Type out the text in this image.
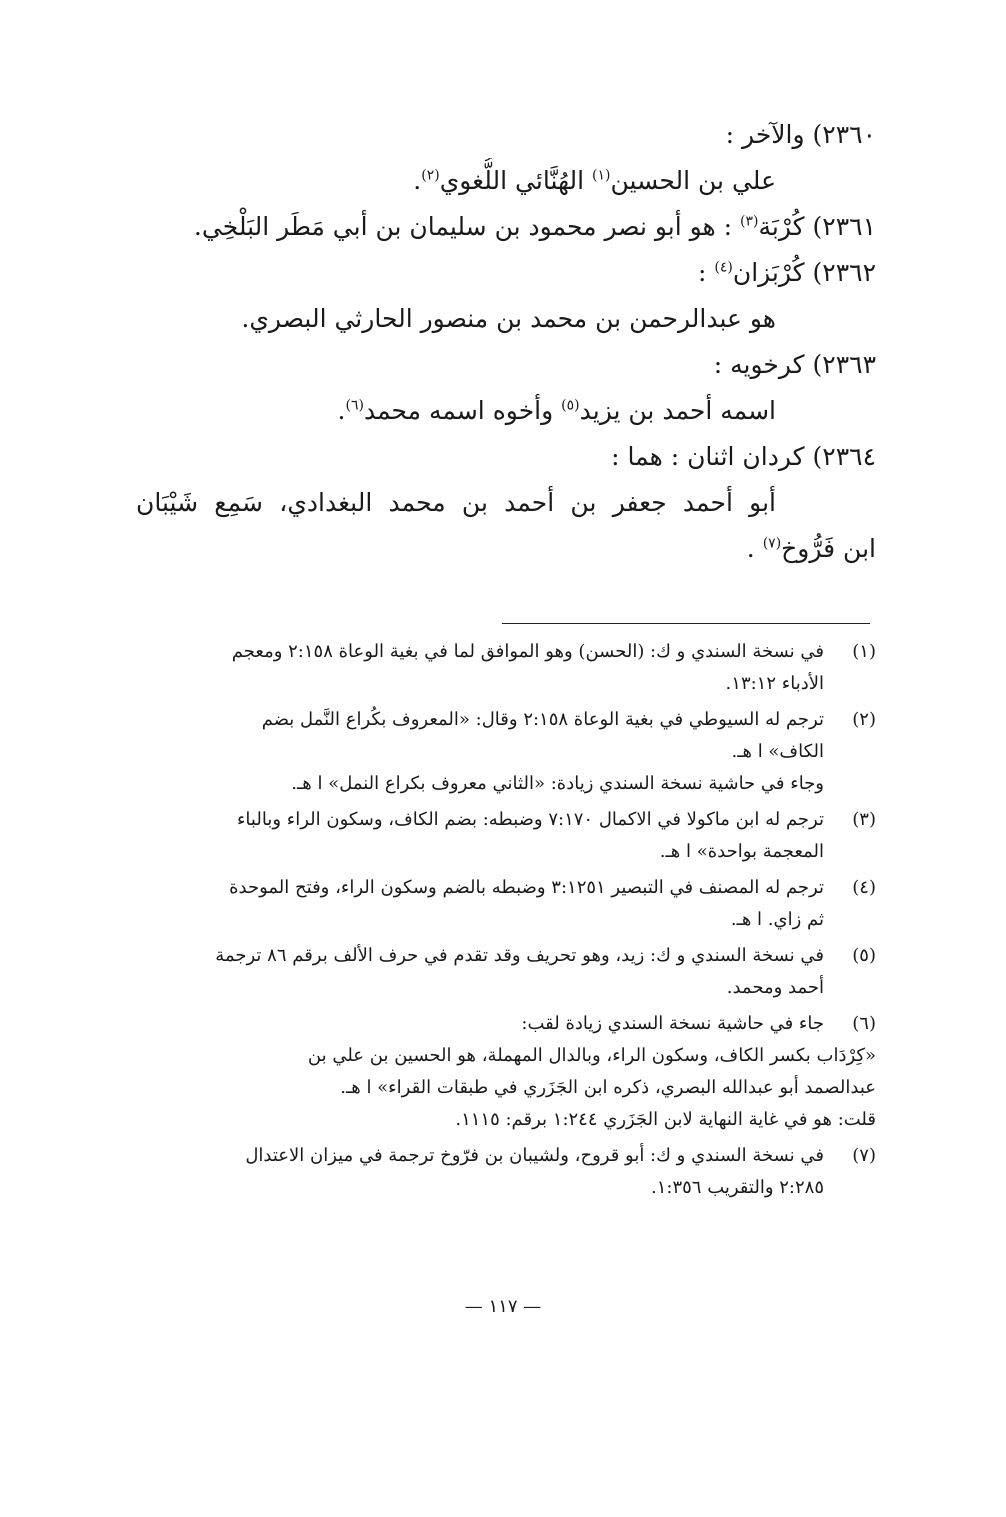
٢٣٦٠) والآخر :
علي بن الحسين$^{(١)}$ الهُنَّائي اللُّغوي$^{(٢)}$.
٢٣٦١) كُرْبَة$^{(٣)}$ : هو أبو نصر محمود بن سليمان بن أبي مَطَر البَلْخِي.
٢٣٦٢) كُرْبَزان$^{(٤)}$ :
هو عبدالرحمن بن محمد بن منصور الحارثي البصري.
٢٣٦٣) كرخويه :
اسمه أحمد بن يزيد$^{(٥)}$ وأخوه اسمه محمد$^{(٦)}$.
٢٣٦٤) كردان اثنان : هما :
أبو أحمد جعفر بن أحمد بن محمد البغدادي، سَمِع شَيْبَان
ابن فَرُّوخ$^{(٧)}$ .
(١)

في نسخة السندي و ك: (الحسن) وهو الموافق لما في بغية الوعاة ٢:١٥٨ ومعجم

الأدباء ١٣:١٢.

(٢)

ترجم له السيوطي في بغية الوعاة ٢:١٥٨ وقال: «المعروف بكُراع النَّمل بضم

الكاف» ا هـ.

وجاء في حاشية نسخة السندي زيادة: «الثاني معروف بكراع النمل» ا هـ.

(٣)

ترجم له ابن ماكولا في الاكمال ٧:١٧٠ وضبطه: بضم الكاف، وسكون الراء وبالباء

المعجمة بواحدة» ا هـ.

(٤)

ترجم له المصنف في التبصير ٣:١٢٥١ وضبطه بالضم وسكون الراء، وفتح الموحدة

ثم زاي. ا هـ.

(٥)

في نسخة السندي و ك: زيد، وهو تحريف وقد تقدم في حرف الألف برقم ٨٦ ترجمة

أحمد ومحمد.

(٦)

جاء في حاشية نسخة السندي زيادة لقب:

«كِرْدَاب بكسر الكاف، وسكون الراء، وبالدال المهملة، هو الحسين بن علي بن

عبدالصمد أبو عبدالله البصري، ذكره ابن الجَزَري في طبقات القراء» ا هـ.

قلت: هو في غاية النهاية لابن الجَزَري ١:٢٤٤ برقم: ١١١٥.

(٧)

في نسخة السندي و ك: أبو قروح، ولشيبان بن فرّوخ ترجمة في ميزان الاعتدال

٢:٢٨٥ والتقريب ١:٣٥٦.

— ١١٧ —
